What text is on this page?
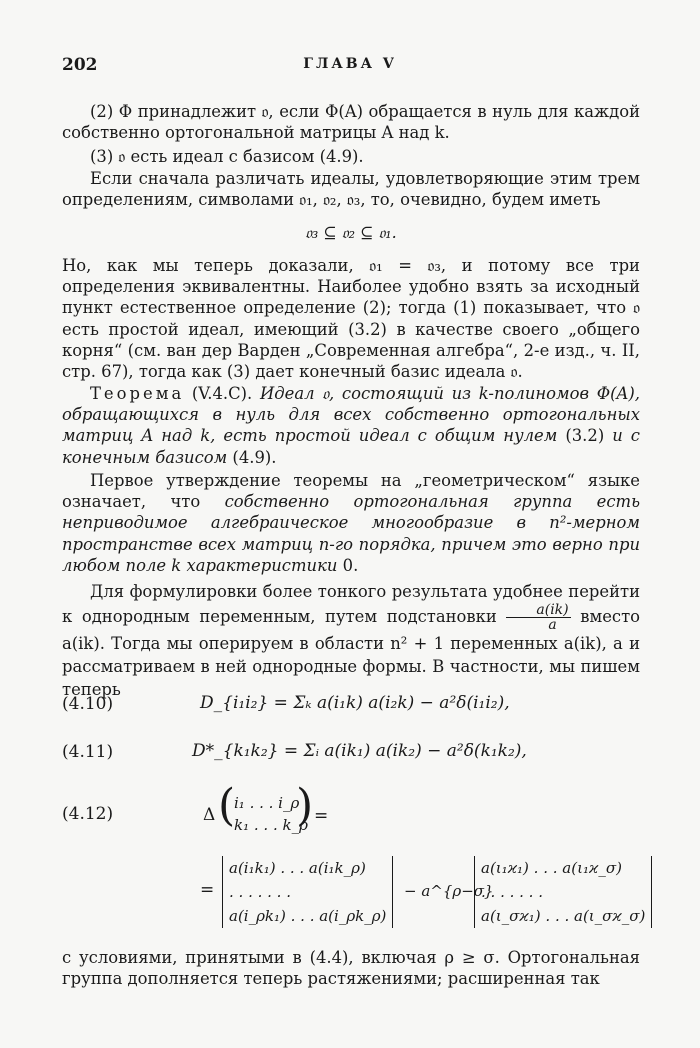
202	ГЛАВА V

(2) Φ принадлежит 𝔬, если Φ(A) обращается в нуль для каждой собственно ортогональной матрицы A над k.

(3) 𝔬 есть идеал с базисом (4.9).

Если сначала различать идеалы, удовлетворяющие этим трем определениям, символами 𝔬₁, 𝔬₂, 𝔬₃, то, очевидно, будем иметь

𝔬₃ ⊆ 𝔬₂ ⊆ 𝔬₁.

Но, как мы теперь доказали, 𝔬₁ = 𝔬₃, и потому все три определения эквивалентны. Наиболее удобно взять за исходный пункт естественное определение (2); тогда (1) показывает, что 𝔬 есть простой идеал, имеющий (3.2) в качестве своего „общего корня“ (см. ван дер Варден „Современная алгебра“, 2-е изд., ч. II, стр. 67), тогда как (3) дает конечный базис идеала 𝔬.

Теорема (V.4.C). Идеал 𝔬, состоящий из k-полиномов Φ(A), обращающихся в нуль для всех собственно ортогональных матриц A над k, есть простой идеал с общим нулем (3.2) и с конечным базисом (4.9).

Первое утверждение теоремы на „геометрическом“ языке означает, что собственно ортогональная группа есть неприводимое алгебраическое многообразие в n²-мерном пространстве всех матриц n-го порядка, причем это верно при любом поле k характеристики 0.

Для формулировки более тонкого результата удобнее перейти к однородным переменным, путем подстановки $\frac{a(ik)}{a}$ вместо a(ik). Тогда мы оперируем в области n² + 1 переменных a(ik), a и рассматриваем в ней однородные формы. В частности, мы пишем теперь

(4.10)	D_{i₁i₂} = Σₖ a(i₁k) a(i₂k) − a²δ(i₁i₂),
(4.11)	D*_{k₁k₂} = Σᵢ a(ik₁) a(ik₂) − a²δ(k₁k₂),
(4.12)	Δ (
i₁ . . . i_ρ
k₁ . . . k_ρ
) =
=
a(i₁k₁) . . . a(i₁k_ρ)
. . . . . . .
a(i_ρk₁) . . . a(i_ρk_ρ)
− a^{ρ−σ}
a(ι₁ϰ₁) . . . a(ι₁ϰ_σ)
. . . . . . .
a(ι_σϰ₁) . . . a(ι_σϰ_σ)

с условиями, принятыми в (4.4), включая ρ ≥ σ. Ортогональная группа дополняется теперь растяжениями; расширенная так
